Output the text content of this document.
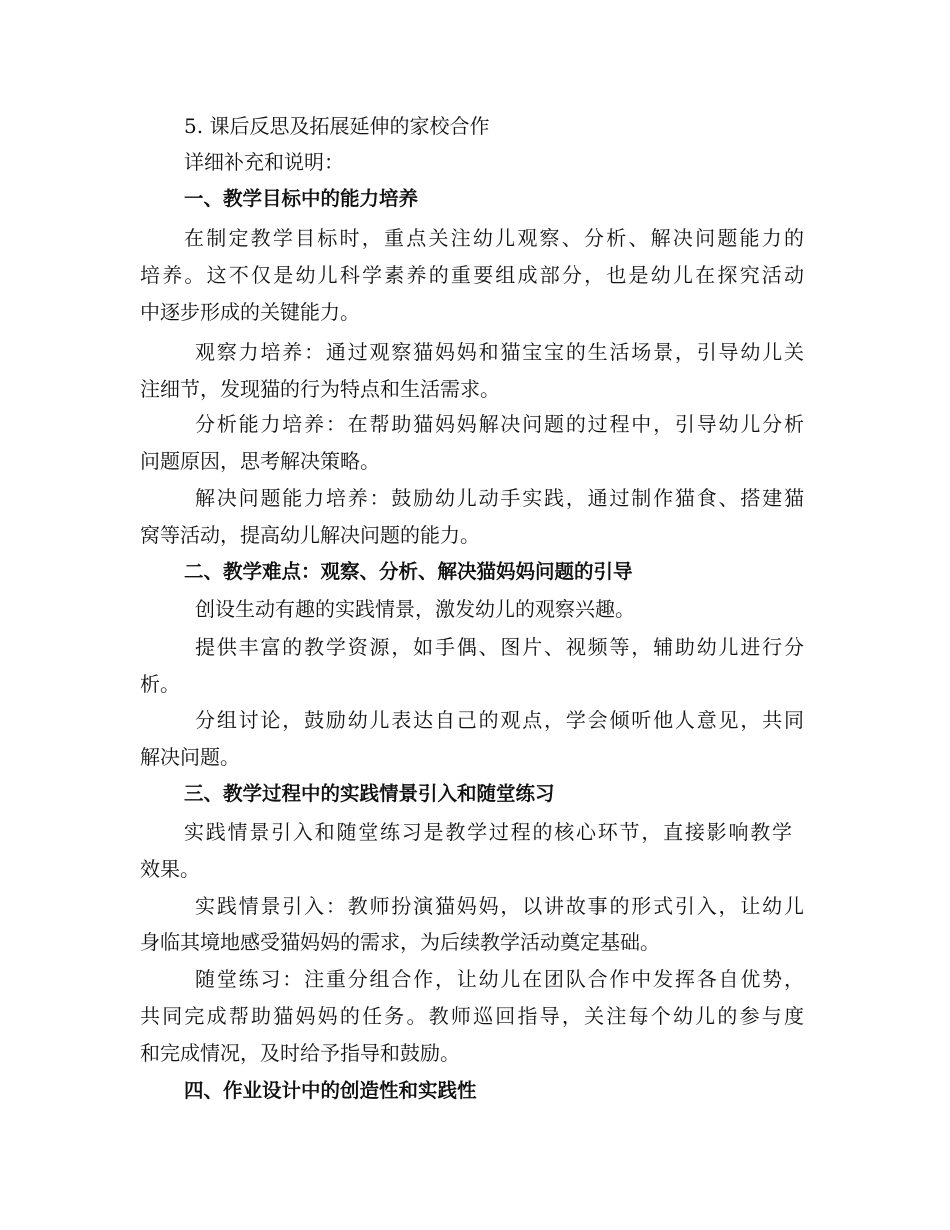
5. 课后反思及拓展延伸的家校合作
详细补充和说明：
一、教学目标中的能力培养
在制定教学目标时，重点关注幼儿观察、分析、解决问题能力的
培养。这不仅是幼儿科学素养的重要组成部分，也是幼儿在探究活动
中逐步形成的关键能力。
观察力培养：通过观察猫妈妈和猫宝宝的生活场景，引导幼儿关
注细节，发现猫的行为特点和生活需求。
分析能力培养：在帮助猫妈妈解决问题的过程中，引导幼儿分析
问题原因，思考解决策略。
解决问题能力培养：鼓励幼儿动手实践，通过制作猫食、搭建猫
窝等活动，提高幼儿解决问题的能力。
二、教学难点：观察、分析、解决猫妈妈问题的引导
创设生动有趣的实践情景，激发幼儿的观察兴趣。
提供丰富的教学资源，如手偶、图片、视频等，辅助幼儿进行分
析。
分组讨论，鼓励幼儿表达自己的观点，学会倾听他人意见，共同
解决问题。
三、教学过程中的实践情景引入和随堂练习
实践情景引入和随堂练习是教学过程的核心环节，直接影响教学
效果。
实践情景引入：教师扮演猫妈妈，以讲故事的形式引入，让幼儿
身临其境地感受猫妈妈的需求，为后续教学活动奠定基础。
随堂练习：注重分组合作，让幼儿在团队合作中发挥各自优势，
共同完成帮助猫妈妈的任务。教师巡回指导，关注每个幼儿的参与度
和完成情况，及时给予指导和鼓励。
四、作业设计中的创造性和实践性
